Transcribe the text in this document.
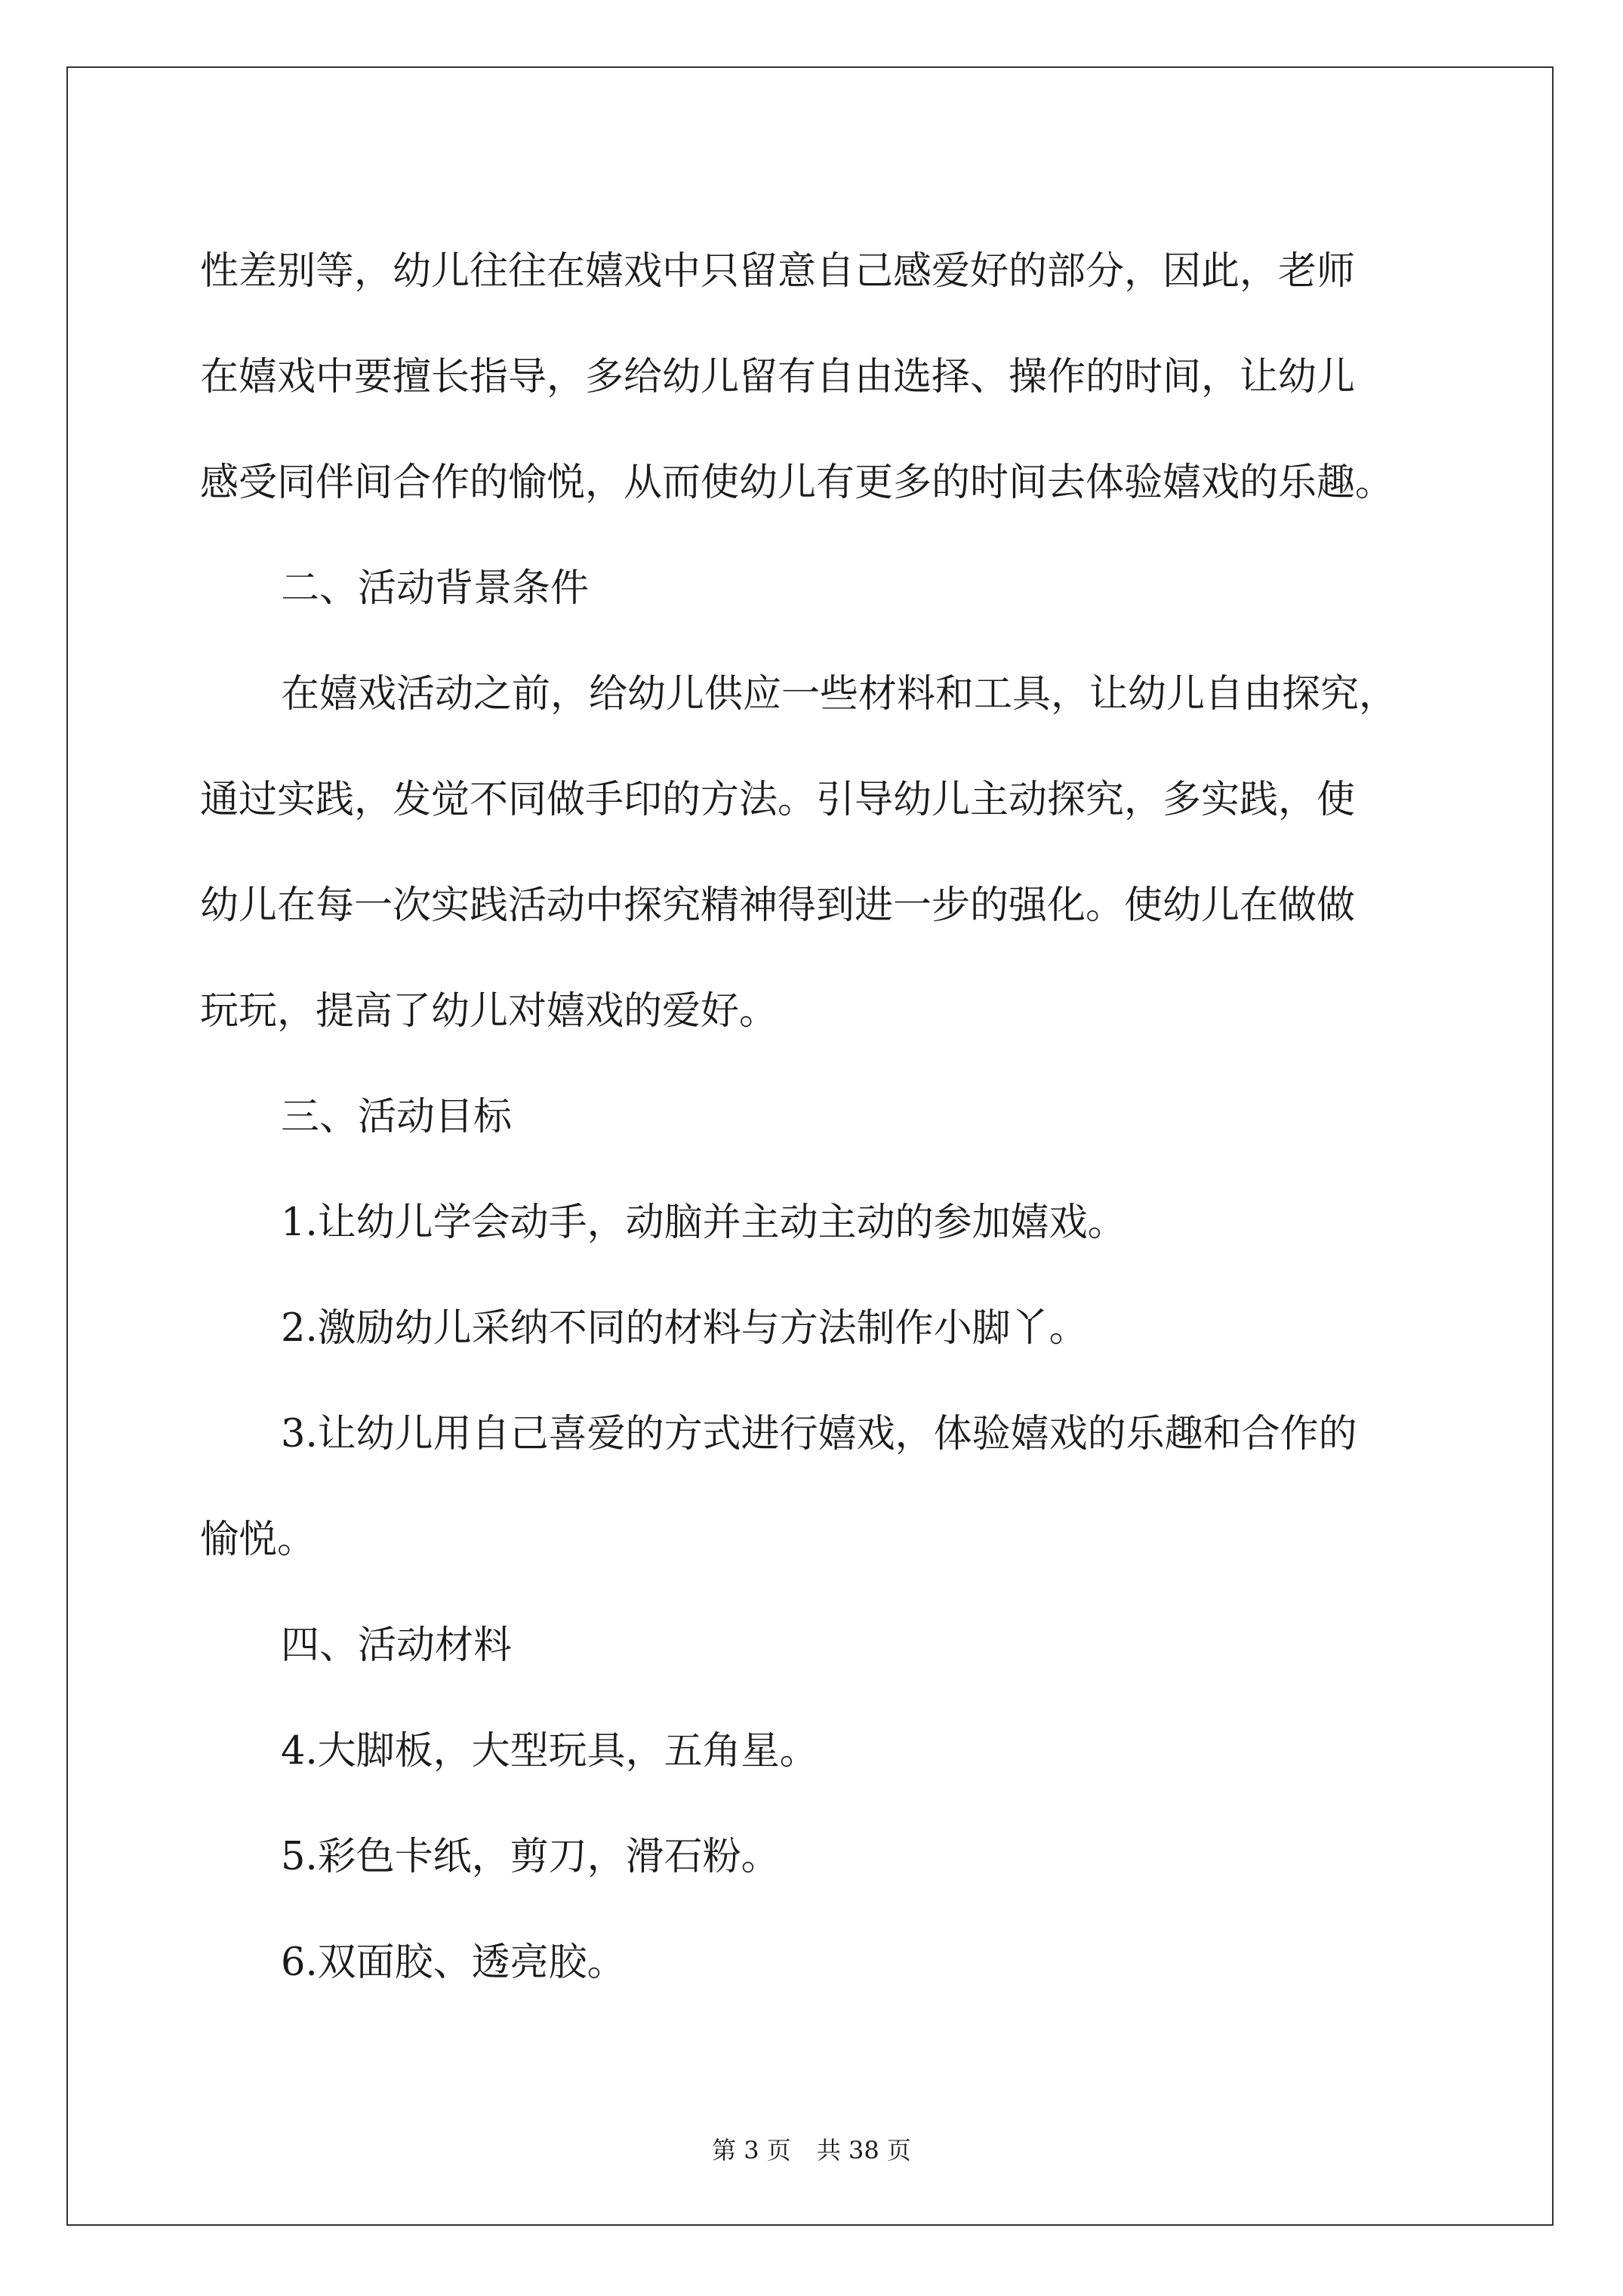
性差别等，幼儿往往在嬉戏中只留意自己感爱好的部分，因此，老师

在嬉戏中要擅长指导，多给幼儿留有自由选择、操作的时间，让幼儿

感受同伴间合作的愉悦，从而使幼儿有更多的时间去体验嬉戏的乐趣。

二、活动背景条件

在嬉戏活动之前，给幼儿供应一些材料和工具，让幼儿自由探究，

通过实践，发觉不同做手印的方法。引导幼儿主动探究，多实践，使

幼儿在每一次实践活动中探究精神得到进一步的强化。使幼儿在做做

玩玩，提高了幼儿对嬉戏的爱好。

三、活动目标

1.让幼儿学会动手，动脑并主动主动的参加嬉戏。

2.激励幼儿采纳不同的材料与方法制作小脚丫。

3.让幼儿用自己喜爱的方式进行嬉戏，体验嬉戏的乐趣和合作的

愉悦。

四、活动材料

4.大脚板，大型玩具，五角星。

5.彩色卡纸，剪刀，滑石粉。

6.双面胶、透亮胶。

第 3 页 共 38 页
